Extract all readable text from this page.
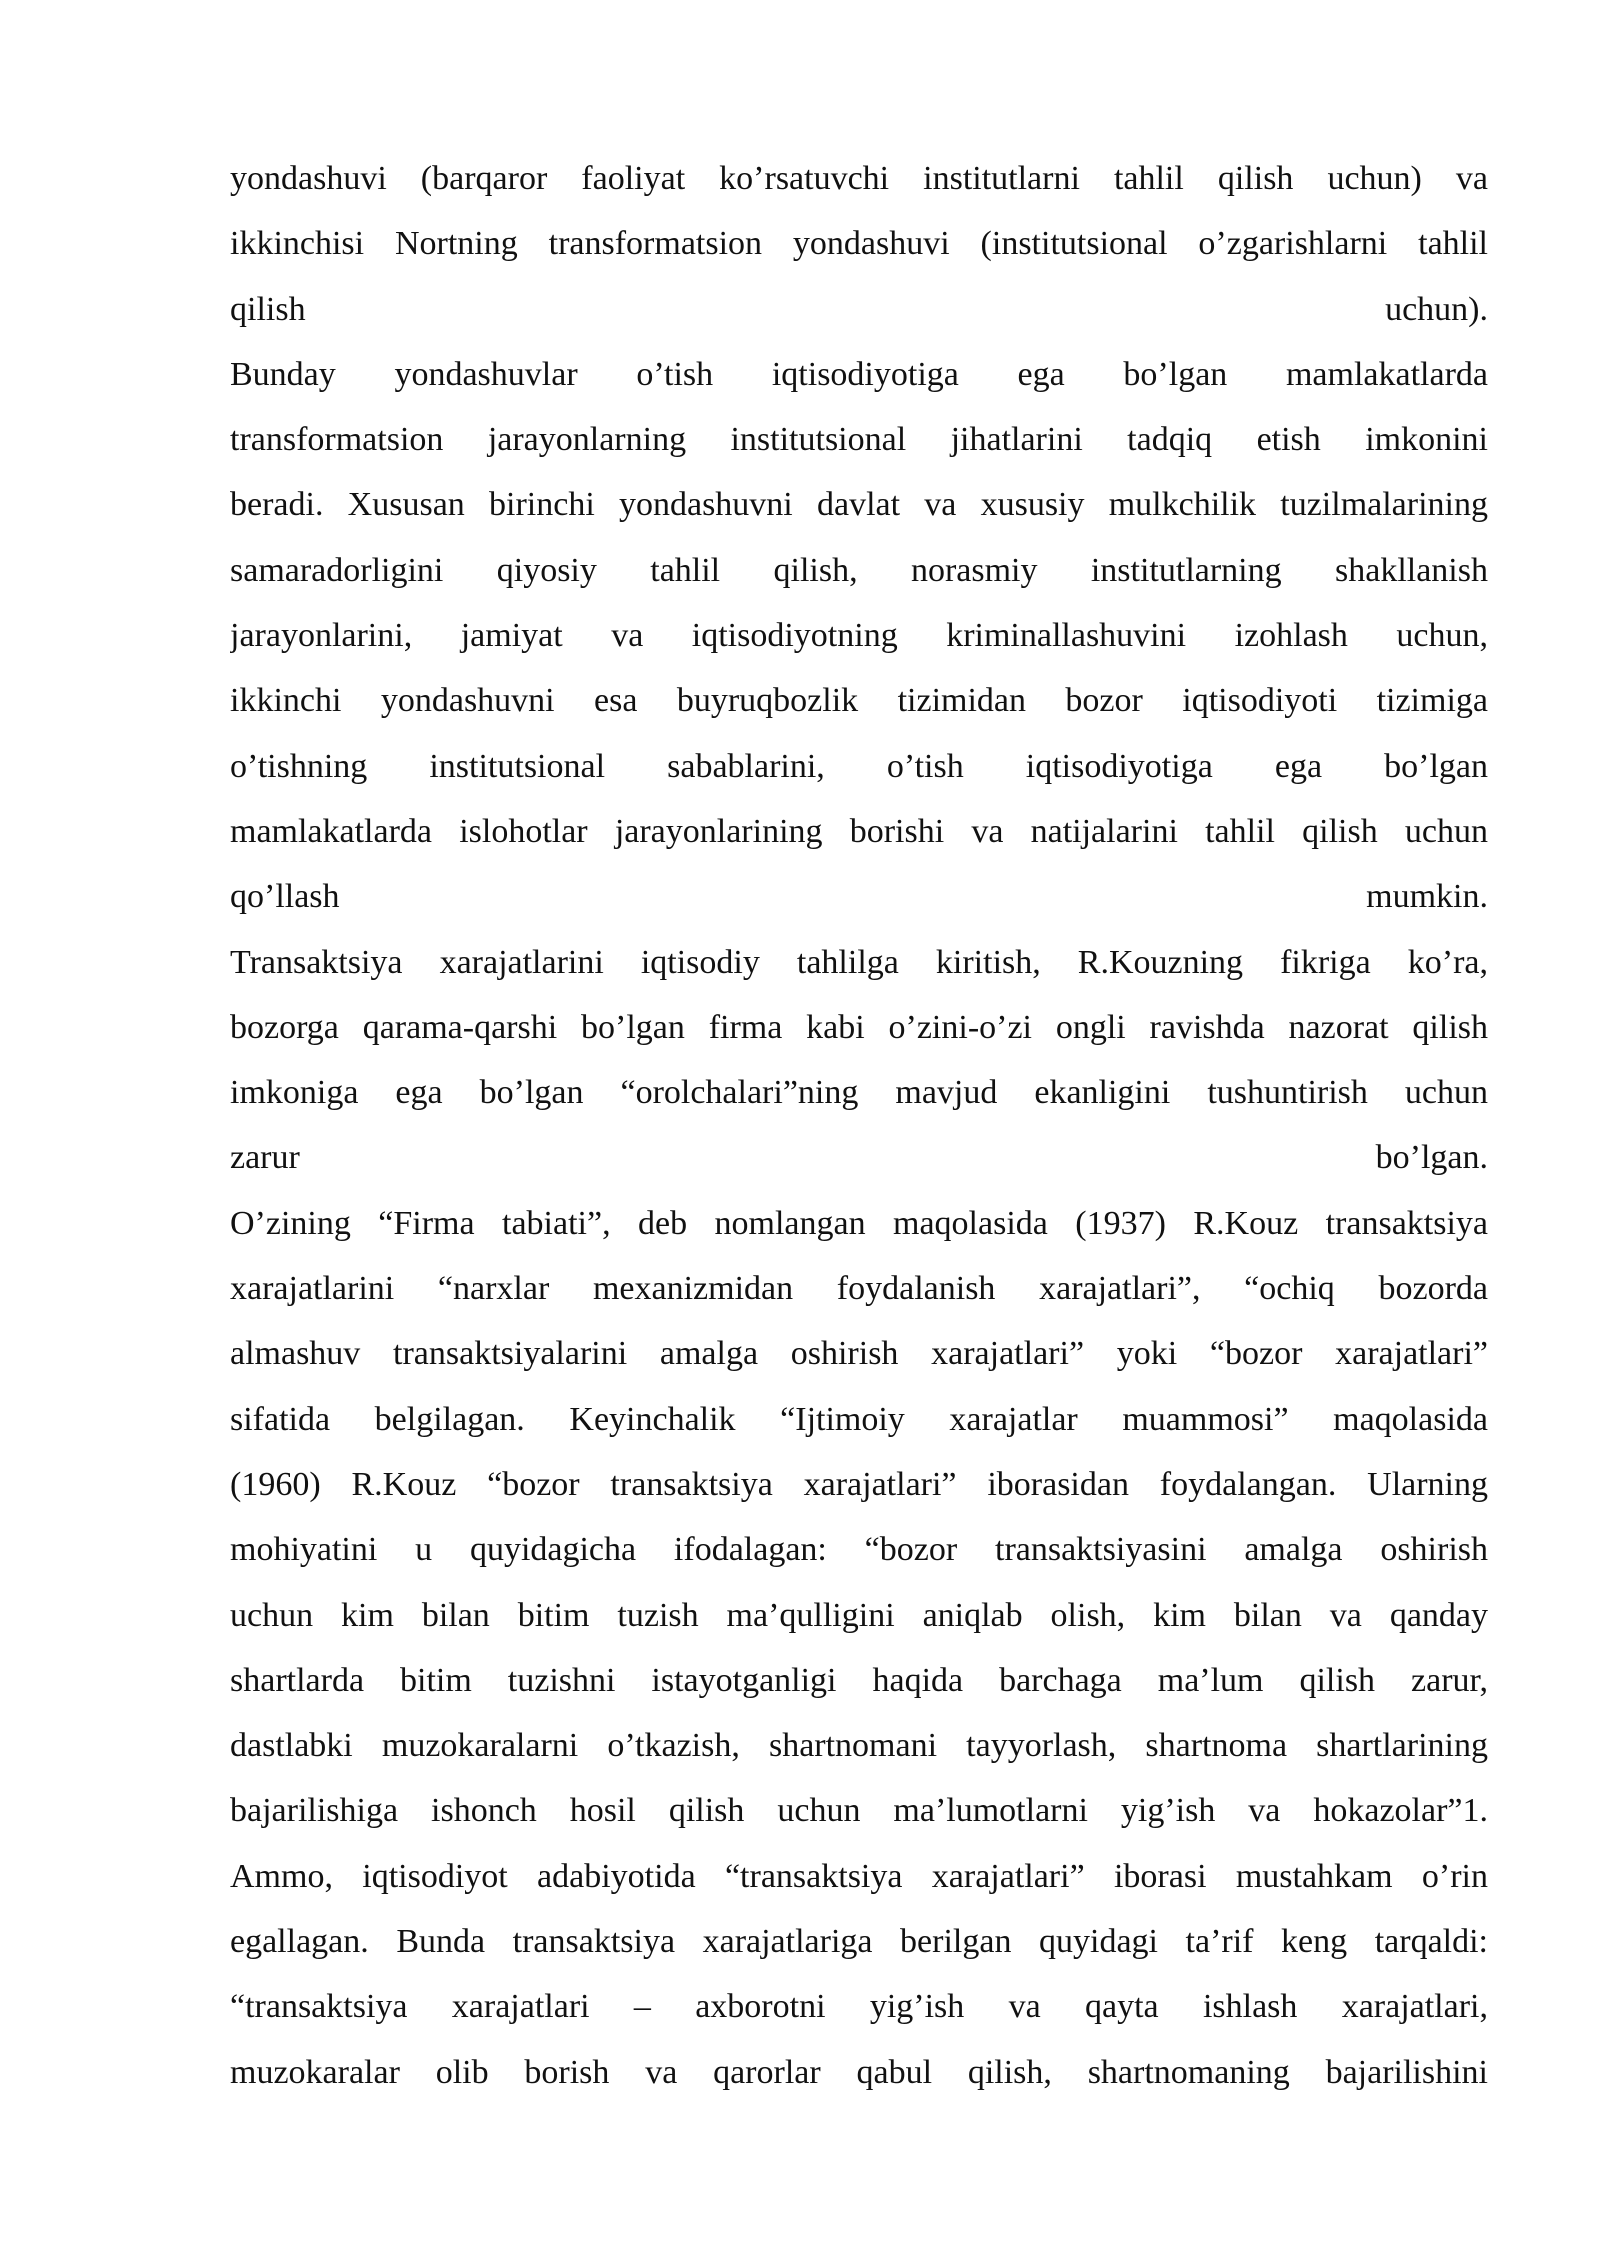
yondashuvi (barqaror faoliyat ko’rsatuvchi institutlarni tahlil qilish uchun) va
ikkinchisi Nortning transformatsion yondashuvi (institutsional o’zgarishlarni tahlil
qilish uchun).
Bunday yondashuvlar o’tish iqtisodiyotiga ega bo’lgan mamlakatlarda
transformatsion jarayonlarning institutsional jihatlarini tadqiq etish imkonini
beradi. Xususan birinchi yondashuvni davlat va xususiy mulkchilik tuzilmalarining
samaradorligini qiyosiy tahlil qilish, norasmiy institutlarning shakllanish
jarayonlarini, jamiyat va iqtisodiyotning kriminallashuvini izohlash uchun,
ikkinchi yondashuvni esa buyruqbozlik tizimidan bozor iqtisodiyoti tizimiga
o’tishning institutsional sabablarini, o’tish iqtisodiyotiga ega bo’lgan
mamlakatlarda islohotlar jarayonlarining borishi va natijalarini tahlil qilish uchun
qo’llash mumkin.
Transaktsiya xarajatlarini iqtisodiy tahlilga kiritish, R.Kouzning fikriga ko’ra,
bozorga qarama-qarshi bo’lgan firma kabi o’zini-o’zi ongli ravishda nazorat qilish
imkoniga ega bo’lgan “orolchalari”ning mavjud ekanligini tushuntirish uchun
zarur bo’lgan.
O’zining “Firma tabiati”, deb nomlangan maqolasida (1937) R.Kouz transaktsiya
xarajatlarini “narxlar mexanizmidan foydalanish xarajatlari”, “ochiq bozorda
almashuv transaktsiyalarini amalga oshirish xarajatlari” yoki “bozor xarajatlari”
sifatida belgilagan. Keyinchalik “Ijtimoiy xarajatlar muammosi” maqolasida
(1960) R.Kouz “bozor transaktsiya xarajatlari” iborasidan foydalangan. Ularning
mohiyatini u quyidagicha ifodalagan: “bozor transaktsiyasini amalga oshirish
uchun kim bilan bitim tuzish ma’qulligini aniqlab olish, kim bilan va qanday
shartlarda bitim tuzishni istayotganligi haqida barchaga ma’lum qilish zarur,
dastlabki muzokaralarni o’tkazish, shartnomani tayyorlash, shartnoma shartlarining
bajarilishiga ishonch hosil qilish uchun ma’lumotlarni yig’ish va hokazolar”1.
Ammo, iqtisodiyot adabiyotida “transaktsiya xarajatlari” iborasi mustahkam o’rin
egallagan. Bunda transaktsiya xarajatlariga berilgan quyidagi ta’rif keng tarqaldi:
“transaktsiya xarajatlari – axborotni yig’ish va qayta ishlash xarajatlari,
muzokaralar olib borish va qarorlar qabul qilish, shartnomaning bajarilishini
